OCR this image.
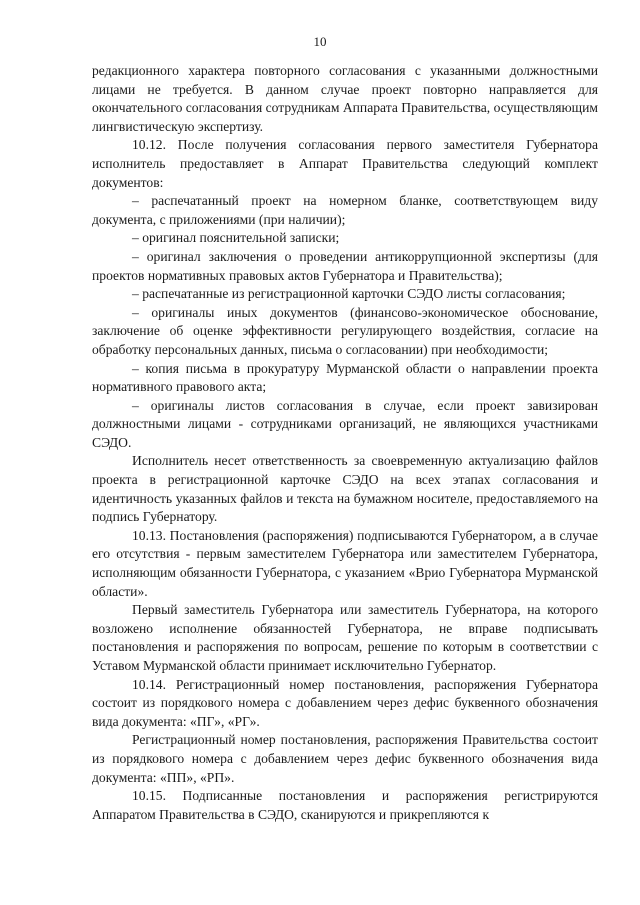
10

редакционного характера повторного согласования с указанными должностными лицами не требуется. В данном случае проект повторно направляется для окончательного согласования сотрудникам Аппарата Правительства, осуществляющим лингвистическую экспертизу.

10.12. После получения согласования первого заместителя Губернатора исполнитель предоставляет в Аппарат Правительства следующий комплект документов:

– распечатанный проект на номерном бланке, соответствующем виду документа, с приложениями (при наличии);

– оригинал пояснительной записки;

– оригинал заключения о проведении антикоррупционной экспертизы (для проектов нормативных правовых актов Губернатора и Правительства);

– распечатанные из регистрационной карточки СЭДО листы согласования;

– оригиналы иных документов (финансово-экономическое обоснование, заключение об оценке эффективности регулирующего воздействия, согласие на обработку персональных данных, письма о согласовании) при необходимости;

– копия письма в прокуратуру Мурманской области о направлении проекта нормативного правового акта;

– оригиналы листов согласования в случае, если проект завизирован должностными лицами - сотрудниками организаций, не являющихся участниками СЭДО.

Исполнитель несет ответственность за своевременную актуализацию файлов проекта в регистрационной карточке СЭДО на всех этапах согласования и идентичность указанных файлов и текста на бумажном носителе, предоставляемого на подпись Губернатору.

10.13. Постановления (распоряжения) подписываются Губернатором, а в случае его отсутствия - первым заместителем Губернатора или заместителем Губернатора, исполняющим обязанности Губернатора, с указанием «Врио Губернатора Мурманской области».

Первый заместитель Губернатора или заместитель Губернатора, на которого возложено исполнение обязанностей Губернатора, не вправе подписывать постановления и распоряжения по вопросам, решение по которым в соответствии с Уставом Мурманской области принимает исключительно Губернатор.

10.14. Регистрационный номер постановления, распоряжения Губернатора состоит из порядкового номера с добавлением через дефис буквенного обозначения вида документа: «ПГ», «РГ».

Регистрационный номер постановления, распоряжения Правительства состоит из порядкового номера с добавлением через дефис буквенного обозначения вида документа: «ПП», «РП».

10.15. Подписанные постановления и распоряжения регистрируются Аппаратом Правительства в СЭДО, сканируются и прикрепляются к
